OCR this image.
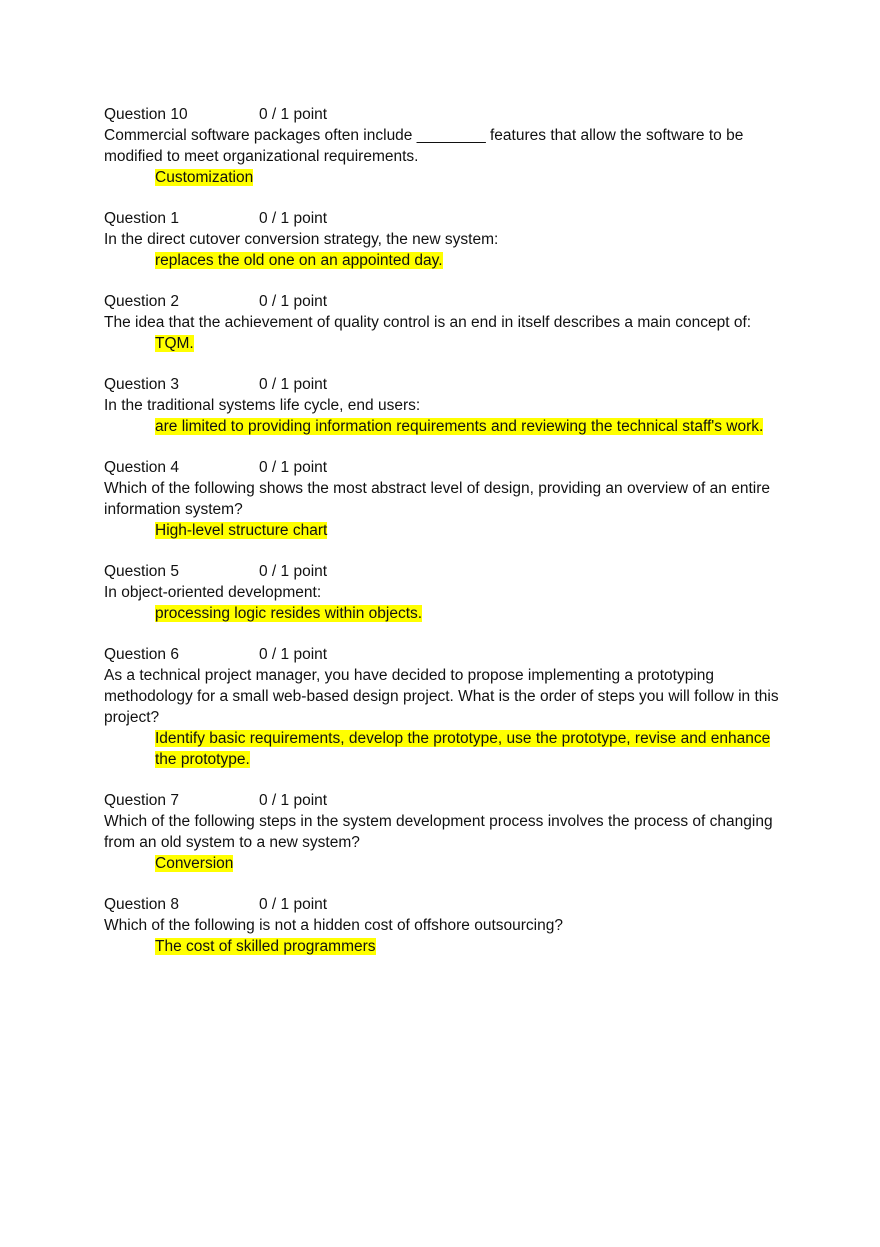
Question 10	0 / 1 point
Commercial software packages often include ________ features that allow the software to be modified to meet organizational requirements.
Customization
Question 1	0 / 1 point
In the direct cutover conversion strategy, the new system:
replaces the old one on an appointed day.
Question 2	0 / 1 point
The idea that the achievement of quality control is an end in itself describes a main concept of:
TQM.
Question 3	0 / 1 point
In the traditional systems life cycle, end users:
are limited to providing information requirements and reviewing the technical staff's work.
Question 4	0 / 1 point
Which of the following shows the most abstract level of design, providing an overview of an entire information system?
High-level structure chart
Question 5	0 / 1 point
In object-oriented development:
processing logic resides within objects.
Question 6	0 / 1 point
As a technical project manager, you have decided to propose implementing a prototyping methodology for a small web-based design project. What is the order of steps you will follow in this project?
Identify basic requirements, develop the prototype, use the prototype, revise and enhance the prototype.
Question 7	0 / 1 point
Which of the following steps in the system development process involves the process of changing from an old system to a new system?
Conversion
Question 8	0 / 1 point
Which of the following is not a hidden cost of offshore outsourcing?
The cost of skilled programmers
